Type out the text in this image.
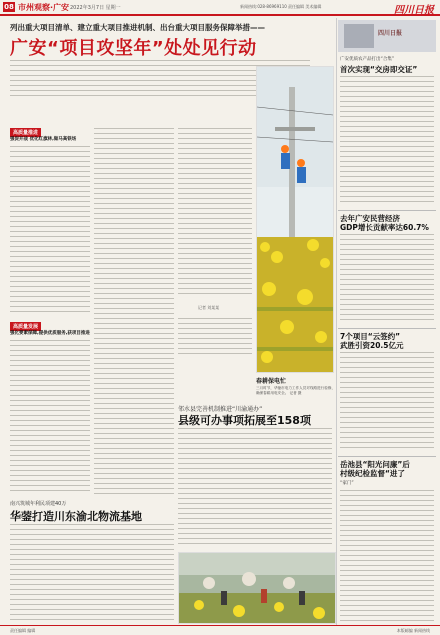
08 市州观察·广安 2022年3月7日 星期一	新闻热线:028-86969110 责任编辑 美术编辑	四川日报
列出重大项目清单、建立重大项目推进机制、出台重大项目服务保障举措——
广安“项目攻坚年”处处见行动
高质量推进
强促开战 优化红旗林,做马高铁场
高质量发展
强化要素保障,提供优质服务,获项目推进
记者 刘某某
春耕保电忙
三月时节，华蓥市电力工作人员对线路进行检修，确保春耕用电安全。 记者 摄
邻水县完善机制推进“川渝通办”
县级可办事项拓展至158项
南兴筑城年利民项建40万
华蓥打造川东渝北物流基地
四川日报
广安优质农产品打出“合集”
首次实现“交房即交证”
去年广安民营经济
GDP增长贡献率达60.7%
7个项目“云签约”
武胜引资20.5亿元
岳池县“阳光问廉”后
村级纪检监督“进了
“家门”
责任编辑 编辑	本版邮编 新闻热线
